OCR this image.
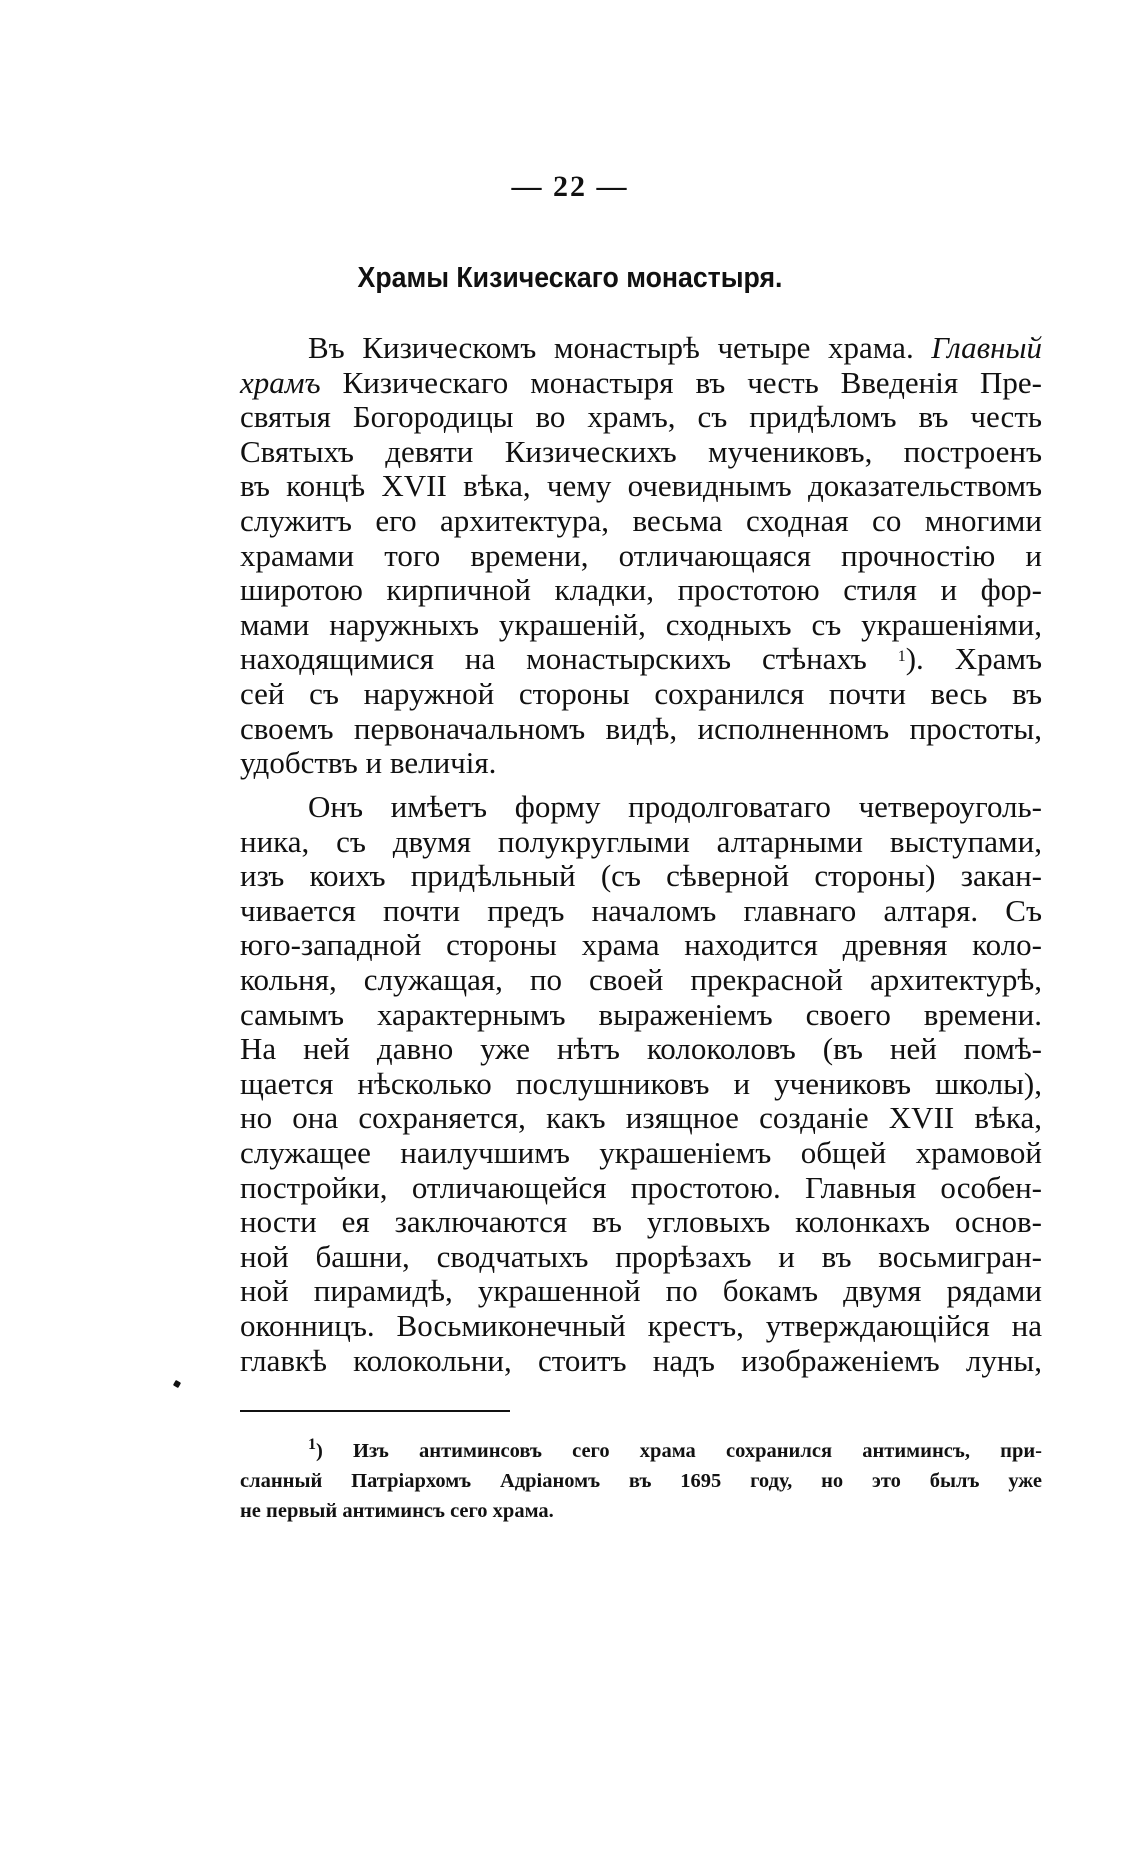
— 22 —
Храмы Кизическаго монастыря.
Въ Кизическомъ монастырѣ четыре храма. Главный
храмъ Кизическаго монастыря въ честь Введенія Пре-
святыя Богородицы во храмъ, съ придѣломъ въ честь
Святыхъ девяти Кизическихъ мучениковъ, построенъ
въ концѣ XVII вѣка, чему очевиднымъ доказательствомъ
служитъ его архитектура, весьма сходная со многими
храмами того времени, отличающаяся прочностію и
широтою кирпичной кладки, простотою стиля и фор-
мами наружныхъ украшеній, сходныхъ съ украшеніями,
находящимися на монастырскихъ стѣнахъ $^1$). Храмъ
сей съ наружной стороны сохранился почти весь въ
своемъ первоначальномъ видѣ, исполненномъ простоты,
удобствъ и величія.
Онъ имѣетъ форму продолговатаго четвероуголь-
ника, съ двумя полукруглыми алтарными выступами,
изъ коихъ придѣльный (съ сѣверной стороны) закан-
чивается почти предъ началомъ главнаго алтаря. Съ
юго-западной стороны храма находится древняя коло-
кольня, служащая, по своей прекрасной архитектурѣ,
самымъ характернымъ выраженіемъ своего времени.
На ней давно уже нѣтъ колоколовъ (въ ней помѣ-
щается нѣсколько послушниковъ и учениковъ школы),
но она сохраняется, какъ изящное созданіе XVII вѣка,
служащее наилучшимъ украшеніемъ общей храмовой
постройки, отличающейся простотою. Главныя особен-
ности ея заключаются въ угловыхъ колонкахъ основ-
ной башни, сводчатыхъ прорѣзахъ и въ восьмигран-
ной пирамидѣ, украшенной по бокамъ двумя рядами
оконницъ. Восьмиконечный крестъ, утверждающійся на
главкѣ колокольни, стоитъ надъ изображеніемъ луны,
$^1$) Изъ антиминсовъ сего храма сохранился антиминсъ, при-
сланный Патріархомъ Адріаномъ въ 1695 году, но это былъ уже
не первый антиминсъ сего храма.
